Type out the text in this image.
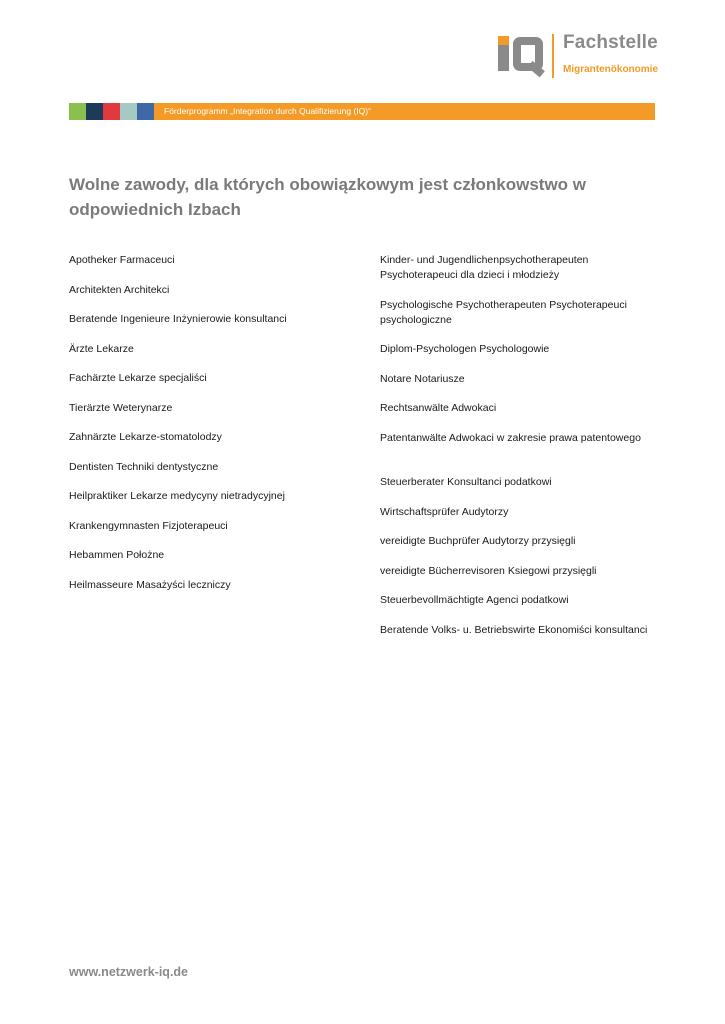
Fachstelle
Migrantenökonomie
Förderprogramm „Integration durch Qualifizierung (IQ)“
Wolne zawody, dla których obowiązkowym jest członkowstwo w odpowiednich Izbach
Apotheker Farmaceuci
Architekten Architekci
Beratende Ingenieure Inżynierowie konsultanci
Ärzte Lekarze
Fachärzte Lekarze specjaliści
Tierärzte Weterynarze
Zahnärzte Lekarze-stomatolodzy
Dentisten Techniki dentystyczne
Heilpraktiker Lekarze medycyny nietradycyjnej
Krankengymnasten Fizjoterapeuci
Hebammen Położne
Heilmasseure Masażyści leczniczy
Kinder- und Jugendlichenpsychotherapeuten Psychoterapeuci dla dzieci i młodzieży
Psychologische Psychotherapeuten Psychoterapeuci psychologiczne
Diplom-Psychologen Psychologowie
Notare Notariusze
Rechtsanwälte Adwokaci
Patentanwälte Adwokaci w zakresie prawa patentowego
Steuerberater Konsultanci podatkowi
Wirtschaftsprüfer Audytorzy
vereidigte Buchprüfer Audytorzy przysięgli
vereidigte Bücherrevisoren Ksiegowi przysięgli
Steuerbevollmächtigte Agenci podatkowi
Beratende Volks- u. Betriebswirte Ekonomiści konsultanci
www.netzwerk-iq.de
